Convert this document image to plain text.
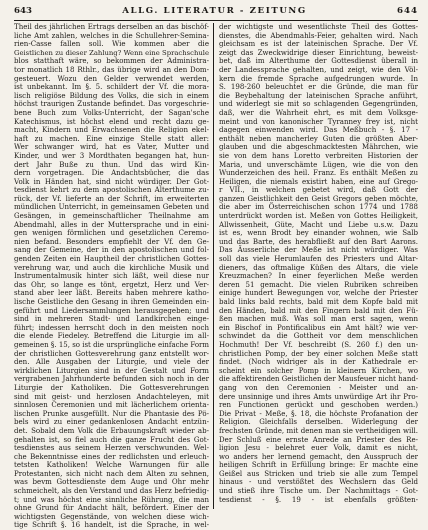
643	ALLG. LITERATUR - ZEITUNG	644
Theil des jährlichen Ertrags derselben an das bischöf-
liche Amt zahlen, welches in die Schullehrer-Semina-
rien-Casse fallen soll. Wie kommen aber die
Geistlichen zu dieser Zahlung? Wenn eine Sprachschule
blos statthaft wäre, so bekommen der Administra-
tor monatlich 18 Rthlr., das übrige wird an den Dom-
gesteuert. Wozu den Gelder verwendet werden,
ist unbekannt. Im §. 5. schildert der Vf. die mora-
lisch religiöse Bildung des Volks, die sich in einem
höchst traurigen Zustande befindet. Das vorgeschrie-
bene Buch zum Volks-Unterricht, der Sagan'sche
Katechismus, ist höchst elend und recht dazu ge-
macht, Kindern und Erwachsenen die Religion ekel-
haft zu machen. Eine einzige Stelle statt aller:
Wer schwanger wird, hat es Vater, Mutter und
Kinder, und wer 3 Mordthaten begangen hat, hun-
dert Jahr Buße zu thun. Und das wird Kin-
dern vorgetragen. Die Andachtsbücher, die das
Volk in Händen hat, sind nicht würdiger. Der Got-
tesdienst kehrt zu dem apostolischen Alterthume zu-
rück, der Vf. lieferte an der Schrift, im erweiterten
mündlichen Unterricht, in gemeinsamen Gebeten und
Gesängen, in gemeinschaftlicher Theilnahme am
Abendmahl, alles in der Muttersprache und in eini-
gen wenigen förmlichen und gesetzlichen Ceremo-
nien befand. Besonders empfiehlt der Vf. den Ge-
sang der Gemeine, der in den apostolischen und fol-
genden Zeiten ein Hauptheil der christlichen Gottes-
verehrung war, und auch die kirchliche Musik und
Instrumentalmusik hinter sich läßt, weil diese nur
das Ohr, so lange es tönt, ergetzt, Herz und Ver-
stand aber leer läßt. Bereits haben mehrere katho-
lische Geistliche den Gesang in ihren Gemeinden ein-
geführt und Liedersammlungen herausgegeben; und
sind in mehreren Stadt- und Landkirchen einge-
führt; indessen herrscht doch in den meisten noch
die elende Fiedeley. Betreffend die Liturgie im all-
gemeinen §. 15, so ist die ursprüngliche einfache Form
der christlichen Gottesverehrung ganz entstellt wor-
den. Alle Ausgaben der Liturgie, und viele der
wirklichen Liturgien sind in der Gestalt und Form
vergrabenen Jahrhunderte befunden sich noch in der
Liturgie der Katholiken. Die Gottesverehrungen
sind mit geist- und herzlosen Andachteleyen, mit
sinnlosen Ceremonien und mit lächerlichem orienta-
lischen Prunke ausgefüllt. Nur die Phantasie des Pö-
bels wird zu einer gedankenlosen Andacht entzün-
det. Sobald dem Volk die Erbauungskraft wieder ab-
gehalten ist, so fiel auch die ganze Frucht des Got-
tesdienstes aus seinem Herzen verschwunden. Wel-
che Bekenntnisse eines der redlichsten und erleuch-
tetsten Katholiken! Welche Warnungen für alle
Protestanten, sich nicht nach dem Alten zu sehnen,
was bevm Gottesdienste dem Auge und Ohr mehr
schmeichelt, als den Verstand und das Herz befriedig-
t; und was höchst eine sinnliche Rührung, die man
ohne Grund für Andacht hält, befördert. Einer der
wichtigsten Gegenstände, von welchen diese wich-
tige Schrift §. 16 handelt, ist die Sprache, in wel-
der wichtigste und wesentlichste Theil des Gottes-
dienstes, die Abendmahls-Feier, gehalten wird. Nach
gleichsam es ist der lateinischen Sprache. Der Vf.
zeigt das Zweckwidrige dieser Einrichtung, beweist-
bet, daß im Alterthume der Gottesdienst überall in
der Landessprache gehalten, und zeigt, wie den Völ-
kern die fremde Sprache aufgedrungen wurde. In
S. 198-260 beleuchtet er die Gründe, die man für
die Beybehaltung der lateinischen Sprache anführt,
und widerlegt sie mit so schlagenden Gegengründen,
daß, wer die Wahrheit ehrt, es mit dem Volksge-
meint und von kanonischer Tyranney frey ist, nicht
dagegen einwenden wird. Das Meßbuch - §. 17 -
enthält neben mancherley Guten die größten Aber-
glauben und die abgeschmacktesten Mährchen, wie
sie von dem hans Loretto verbreiten Historien der
Maria, und unverschämte Lügen, wie die von den
Wunderzeichen des heil. Franz. Es enthält Meßen zu
Heiligen, die niemals existirt haben, eine auf Grego-
r VII., in welchen gebetet wird, daß Gott der
ganzen Geistlichkeit den Geist Gregors geben möchte,
die aber im Österreichischen schon 1774 und 1788
unterdrückt worden ist. Meßen von Gottes Heiligkeit,
Allwissenheit, Güte, Macht und Liebe u.s.w. Dazu
ist es, wenn Brodt bey einander wohnen, wie Salb
und das Barte, des herabfließt auf den Bart Aarons.
Das Äusserliche der Meße ist nicht würdiger. Was
soll das viele Herumlaufen des Priesters und Altar-
dieners, das oftmalige Küßen des Altars, die viele
Kreuzmachen? In einer feyerlichen Meße werden
deren 51 gemacht. Die vielen Rubriken schreiben
einige hundert Bewegungen vor, welche der Priester
bald links bald rechts, bald mit dem Kopfe bald mit
den Händen, bald mit den Fingern bald mit den Fü-
ßen machen muß. Was soll man erst sagen, wenn
ein Bischof in Pontificalibus ein Amt hält? wie ver-
schwindet da die Gottheit vor dem menschlichen
Hochmuth! Der Vf. beschreibt (S. 260 f.) den un-
christlichen Pomp, der bey einer solchen Meße statt
findet. (Noch widriger als in der Kathedrale er-
scheint ein solcher Pomp in kleinern Kirchen, wo
die affektirenden Geistlichen der Mausfeuer nicht hand-
gang von den Ceremonien - Meister und an-
dere unsinnige und ihres Amts unwürdige Art ihr Pro-
ren Functionen gerückt und geschoben werden.)
Die Privat - Meße, §. 18, die höchste Profanation der
Religion. Gleichfalls derselben. Widerlegung der
frechsten Gründe, mit denen man sie vertheidigen will.
Der Schluß eine ernste Anrede an Priester des Re-
ligion Jesu - belehret euer Volk, damit es nicht,
wo anders her lernend gemacht, den Ausspruch der
heiligen Schrift in Erfüllung bringe: Er machte eine
Geißel aus Stricken und trieb sie alle zum Tempel
hinaus - und verstößtet des Wechslern das Geld
und stieß ihre Tische um. Der Nachmittags - Got-
tesdienst - §. 19 - ist ebenfalls größten-
